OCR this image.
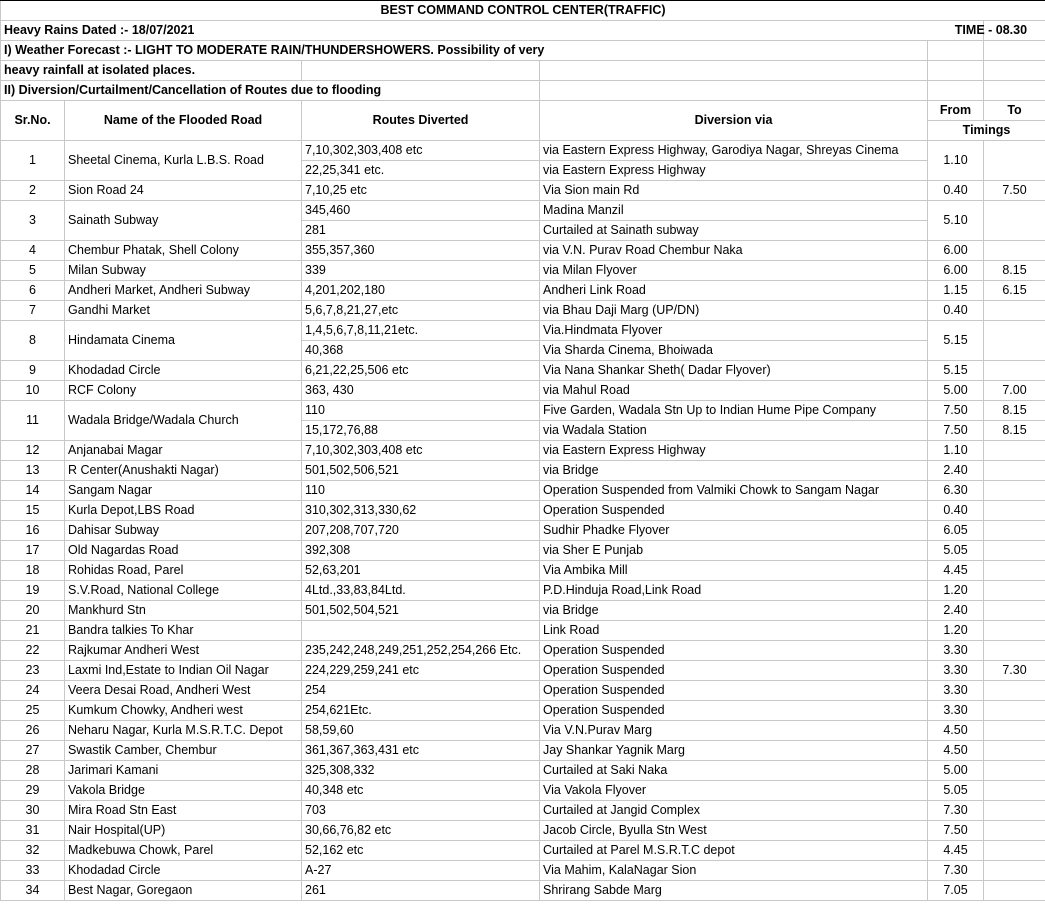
BEST COMMAND CONTROL CENTER(TRAFFIC)					
Heavy Rains Dated :- 18/07/2021					TIME - 08.30

I) Weather Forecast :- LIGHT TO MODERATE RAIN/THUNDERSHOWERS. Possibility of very					
heavy rainfall at isolated places.					
II) Diversion/Curtailment/Cancellation of Routes due to flooding					
Sr.No.	Name of the Flooded Road	Routes Diverted	Diversion via	From	To
				Timings	
1	Sheetal Cinema, Kurla L.B.S. Road	7,10,302,303,408 etc	via Eastern Express Highway, Garodiya Nagar, Shreyas Cinema	1.10	
		22,25,341 etc.	via Eastern Express Highway		
2	Sion Road 24	7,10,25 etc	Via Sion main Rd	0.40	7.50
3	Sainath Subway	345,460	Madina Manzil	5.10	
		281	Curtailed at Sainath subway		
4	Chembur Phatak, Shell Colony	355,357,360	via V.N. Purav Road Chembur Naka	6.00	
5	Milan Subway	339	via Milan Flyover	6.00	8.15
6	Andheri Market, Andheri Subway	4,201,202,180	Andheri Link Road	1.15	6.15
7	Gandhi Market	5,6,7,8,21,27,etc	via Bhau Daji Marg (UP/DN)	0.40	
8	Hindamata Cinema	1,4,5,6,7,8,11,21etc.	Via.Hindmata Flyover	5.15	
		40,368	Via Sharda Cinema, Bhoiwada		
9	Khodadad Circle	6,21,22,25,506 etc	Via Nana Shankar Sheth( Dadar Flyover)	5.15	
10	RCF Colony	363, 430	via Mahul Road	5.00	7.00
11	Wadala Bridge/Wadala Church	110	Five Garden, Wadala Stn Up to Indian Hume Pipe Company	7.50	8.15
		15,172,76,88	via Wadala Station	7.50	8.15
12	Anjanabai Magar	7,10,302,303,408 etc	via Eastern Express Highway	1.10	
13	R Center(Anushakti Nagar)	501,502,506,521	via Bridge	2.40	
14	Sangam Nagar	110	Operation Suspended from Valmiki Chowk to Sangam Nagar	6.30	
15	Kurla Depot,LBS Road	310,302,313,330,62	Operation Suspended	0.40	
16	Dahisar Subway	207,208,707,720	Sudhir Phadke Flyover	6.05	
17	Old Nagardas Road	392,308	via Sher E Punjab	5.05	
18	Rohidas Road, Parel	52,63,201	Via Ambika Mill	4.45	
19	S.V.Road, National College	4Ltd.,33,83,84Ltd.	P.D.Hinduja Road,Link Road	1.20	
20	Mankhurd Stn	501,502,504,521	via Bridge	2.40	
21	Bandra talkies To Khar		Link Road	1.20	
22	Rajkumar Andheri West	235,242,248,249,251,252,254,266 Etc.	Operation Suspended	3.30	
23	Laxmi Ind,Estate to Indian Oil Nagar	224,229,259,241 etc	Operation Suspended	3.30	7.30
24	Veera Desai Road, Andheri West	254	Operation Suspended	3.30	
25	Kumkum Chowky, Andheri west	254,621Etc.	Operation Suspended	3.30	
26	Neharu Nagar, Kurla M.S.R.T.C. Depot	58,59,60	Via V.N.Purav Marg	4.50	
27	Swastik Camber, Chembur	361,367,363,431 etc	Jay Shankar Yagnik Marg	4.50	
28	Jarimari Kamani	325,308,332	Curtailed at Saki Naka	5.00	
29	Vakola Bridge	40,348 etc	Via Vakola Flyover	5.05	
30	Mira Road Stn East	703	Curtailed at Jangid Complex	7.30	
31	Nair Hospital(UP)	30,66,76,82 etc	Jacob Circle, Byulla Stn West	7.50	
32	Madkebuwa Chowk, Parel	52,162 etc	Curtailed at Parel M.S.R.T.C depot	4.45	
33	Khodadad Circle	A-27	Via Mahim, KalaNagar Sion	7.30	
34	Best Nagar, Goregaon	261	Shrirang Sabde Marg	7.05	
